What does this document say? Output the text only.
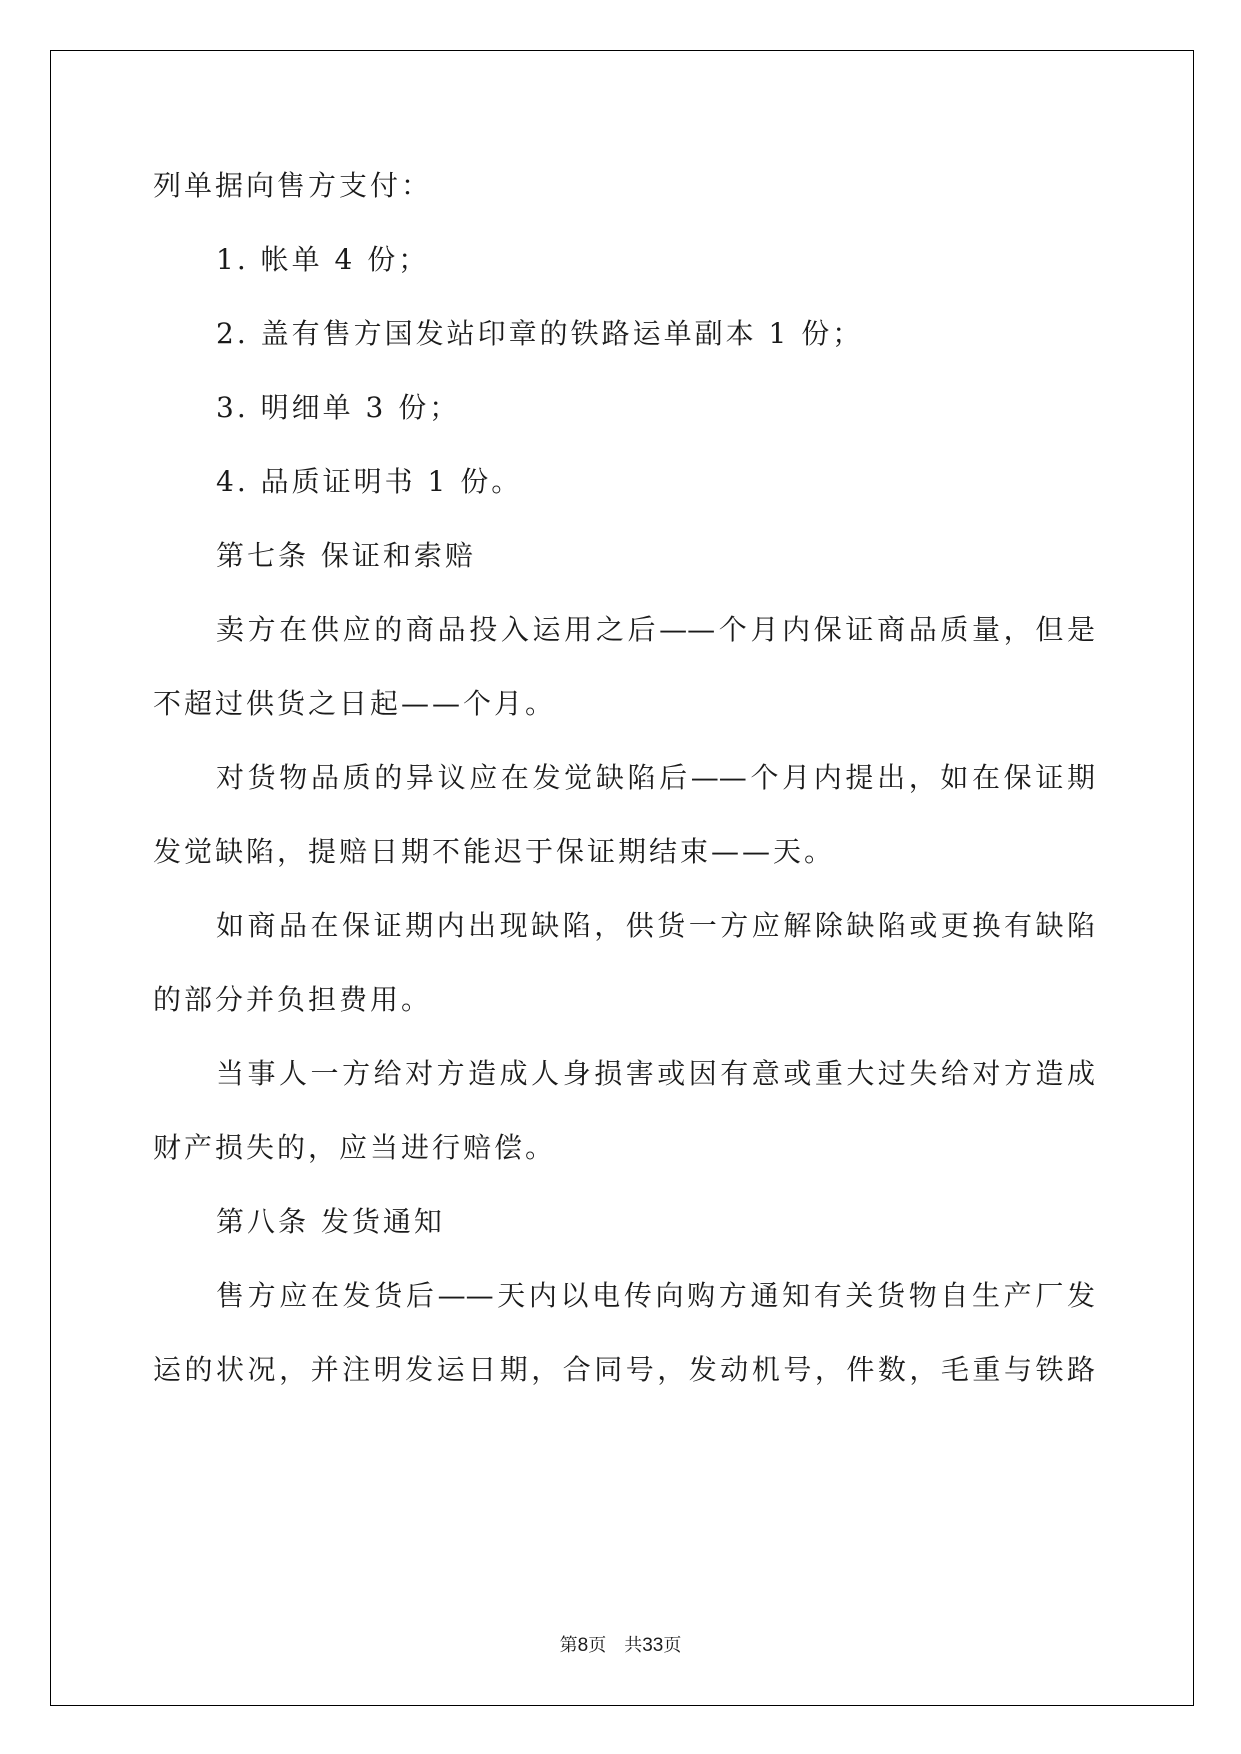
列单据向售方支付：
1. 帐单 4 份；
2. 盖有售方国发站印章的铁路运单副本 1 份；
3. 明细单 3 份；
4. 品质证明书 1 份。
第七条 保证和索赔
卖方在供应的商品投入运用之后——个月内保证商品质量，但是
不超过供货之日起——个月。
对货物品质的异议应在发觉缺陷后——个月内提出，如在保证期
发觉缺陷，提赔日期不能迟于保证期结束——天。
如商品在保证期内出现缺陷，供货一方应解除缺陷或更换有缺陷
的部分并负担费用。
当事人一方给对方造成人身损害或因有意或重大过失给对方造成
财产损失的，应当进行赔偿。
第八条 发货通知
售方应在发货后——天内以电传向购方通知有关货物自生产厂发
运的状况，并注明发运日期，合同号，发动机号，件数，毛重与铁路
第8页 共33页
